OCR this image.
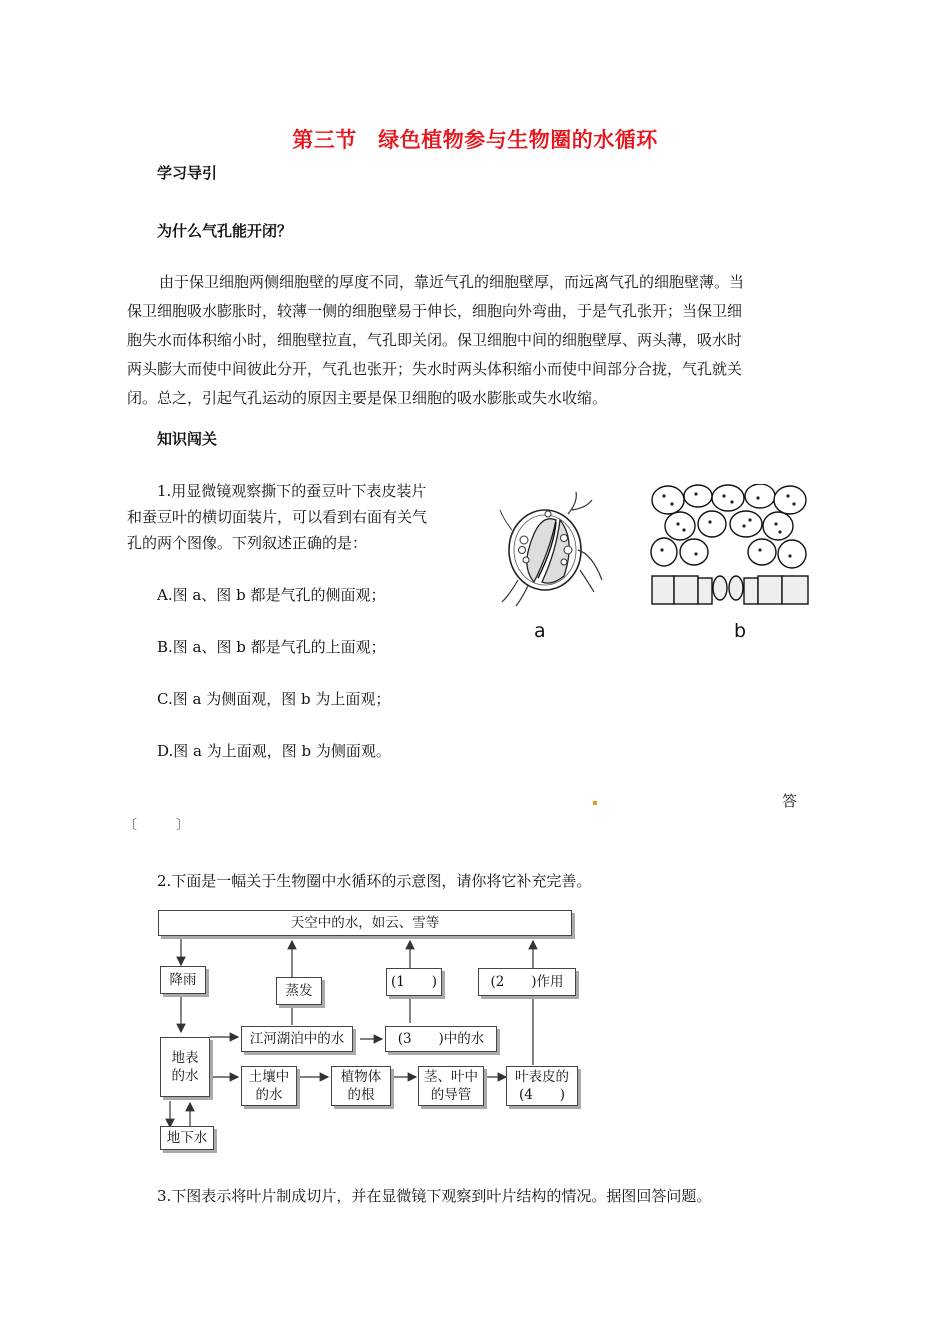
第三节　绿色植物参与生物圈的水循环
学习导引
为什么气孔能开闭？
由于保卫细胞两侧细胞壁的厚度不同，靠近气孔的细胞壁厚，而远离气孔的细胞壁薄。当
保卫细胞吸水膨胀时，较薄一侧的细胞壁易于伸长，细胞向外弯曲，于是气孔张开；当保卫细
胞失水而体积缩小时，细胞壁拉直，气孔即关闭。保卫细胞中间的细胞壁厚、两头薄，吸水时
两头膨大而使中间彼此分开，气孔也张开；失水时两头体积缩小而使中间部分合拢，气孔就关
闭。总之，引起气孔运动的原因主要是保卫细胞的吸水膨胀或失水收缩。
知识闯关
1.用显微镜观察撕下的蚕豆叶下表皮装片
和蚕豆叶的横切面装片，可以看到右面有关气
孔的两个图像。下列叙述正确的是：
A.图 a、图 b 都是气孔的侧面观；
B.图 a、图 b 都是气孔的上面观；
C.图 a 为侧面观，图 b 为上面观；
D.图 a 为上面观，图 b 为侧面观。
a	b
答
〔　　　〕
2.下面是一幅关于生物圈中水循环的示意图，请你将它补充完善。
天空中的水，如云、雪等
降雨
蒸发
(1　　)	(2　　)作用
江河湖泊中的水	(3　　)中的水
地表的水	土壤中的水
植物体的根
茎、叶中的导管
叶表皮的(4　　)
地下水
3.下图表示将叶片制成切片，并在显微镜下观察到叶片结构的情况。据图回答问题。
